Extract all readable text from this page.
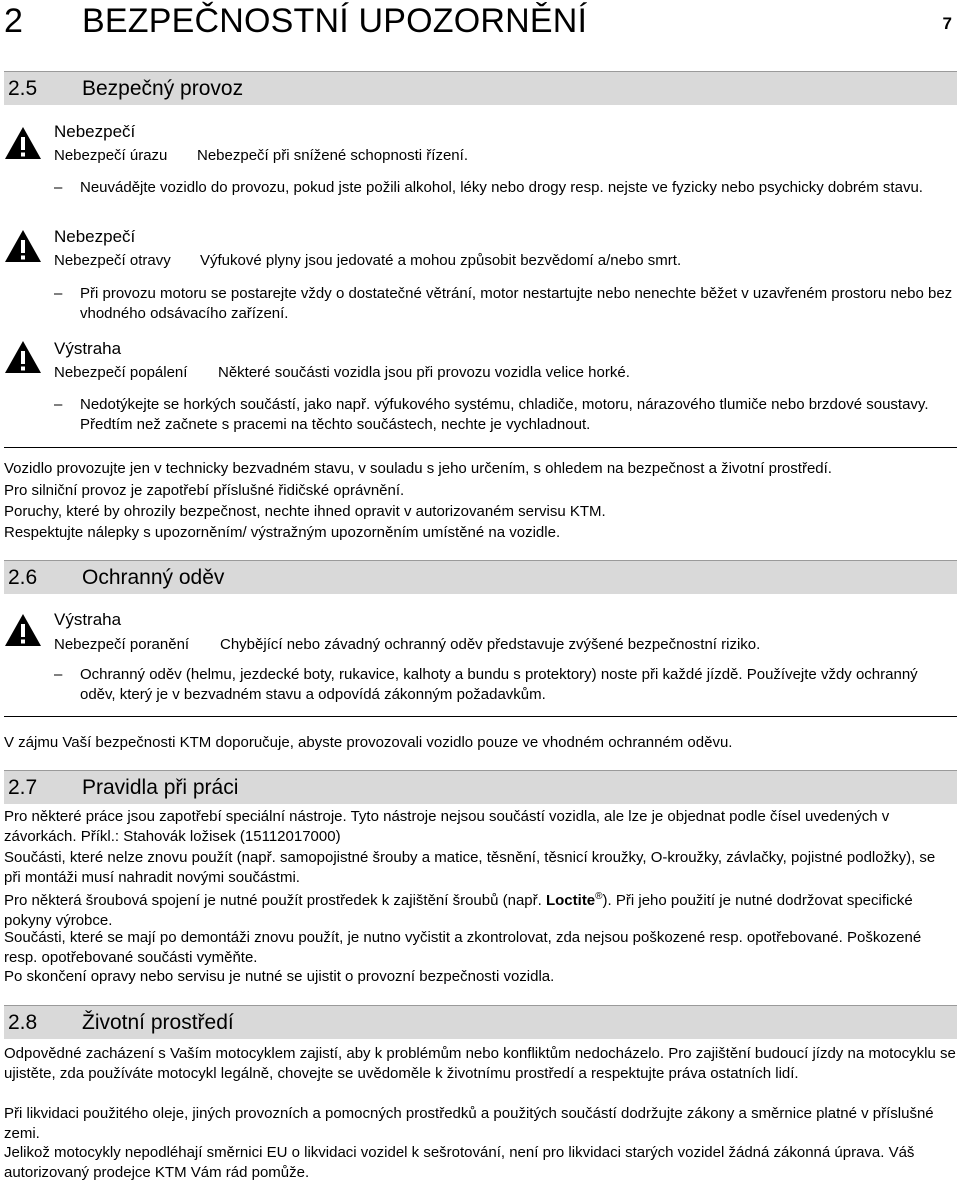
2 BEZPEČNOSTNÍ UPOZORNĚNÍ	7
2.5 Bezpečný provoz
Nebezpečí
Nebezpečí úrazu Nebezpečí při snížené schopnosti řízení.
– Neuvádějte vozidlo do provozu, pokud jste požili alkohol, léky nebo drogy resp. nejste ve fyzicky nebo psychicky dobrém stavu.
Nebezpečí
Nebezpečí otravy Výfukové plyny jsou jedovaté a mohou způsobit bezvědomí a/nebo smrt.
– Při provozu motoru se postarejte vždy o dostatečné větrání, motor nestartujte nebo nenechte běžet v uzavřeném prostoru nebo bez vhodného odsávacího zařízení.
Výstraha
Nebezpečí popálení Některé součásti vozidla jsou při provozu vozidla velice horké.
– Nedotýkejte se horkých součástí, jako např. výfukového systému, chladiče, motoru, nárazového tlumiče nebo brzdové soustavy. Předtím než začnete s pracemi na těchto součástech, nechte je vychladnout.
Vozidlo provozujte jen v technicky bezvadném stavu, v souladu s jeho určením, s ohledem na bezpečnost a životní prostředí.
Pro silniční provoz je zapotřebí příslušné řidičské oprávnění.
Poruchy, které by ohrozily bezpečnost, nechte ihned opravit v autorizovaném servisu KTM.
Respektujte nálepky s upozorněním/ výstražným upozorněním umístěné na vozidle.
2.6 Ochranný oděv
Výstraha
Nebezpečí poranění Chybějící nebo závadný ochranný oděv představuje zvýšené bezpečnostní riziko.
– Ochranný oděv (helmu, jezdecké boty, rukavice, kalhoty a bundu s protektory) noste při každé jízdě. Používejte vždy ochranný oděv, který je v bezvadném stavu a odpovídá zákonným požadavkům.
V zájmu Vaší bezpečnosti KTM doporučuje, abyste provozovali vozidlo pouze ve vhodném ochranném oděvu.
2.7 Pravidla při práci
Pro některé práce jsou zapotřebí speciální nástroje. Tyto nástroje nejsou součástí vozidla, ale lze je objednat podle čísel uvedených v závorkách. Příkl.: Stahovák ložisek (15112017000)
Součásti, které nelze znovu použít (např. samopojistné šrouby a matice, těsnění, těsnicí kroužky, O-kroužky, závlačky, pojistné podložky), se při montáži musí nahradit novými součástmi.
Pro některá šroubová spojení je nutné použít prostředek k zajištění šroubů (např. Loctite®). Při jeho použití je nutné dodržovat specifické pokyny výrobce.
Součásti, které se mají po demontáži znovu použít, je nutno vyčistit a zkontrolovat, zda nejsou poškozené resp. opotřebované. Poškozené resp. opotřebované součásti vyměňte.
Po skončení opravy nebo servisu je nutné se ujistit o provozní bezpečnosti vozidla.
2.8 Životní prostředí
Odpovědné zacházení s Vaším motocyklem zajistí, aby k problémům nebo konfliktům nedocházelo. Pro zajištění budoucí jízdy na motocyklu se ujistěte, zda používáte motocykl legálně, chovejte se uvědoměle k životnímu prostředí a respektujte práva ostatních lidí.
Při likvidaci použitého oleje, jiných provozních a pomocných prostředků a použitých součástí dodržujte zákony a směrnice platné v příslušné zemi.
Jelikož motocykly nepodléhají směrnici EU o likvidaci vozidel k sešrotování, není pro likvidaci starých vozidel žádná zákonná úprava. Váš autorizovaný prodejce KTM Vám rád pomůže.
